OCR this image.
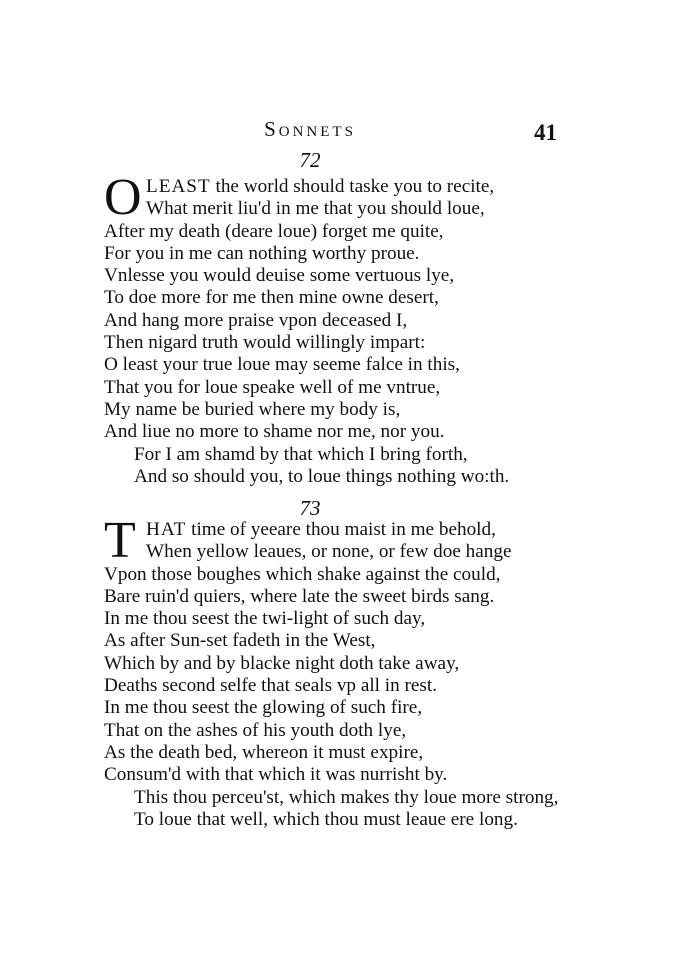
Sonnets	41
72
O LEAST the world should taske you to recite,
What merit liu'd in me that you should loue,
After my death (deare loue) forget me quite,
For you in me can nothing worthy proue.
Vnlesse you would deuise some vertuous lye,
To doe more for me then mine owne desert,
And hang more praise vpon deceased I,
Then nigard truth would willingly impart:
O least your true loue may seeme falce in this,
That you for loue speake well of me vntrue,
My name be buried where my body is,
And liue no more to shame nor me, nor you.
For I am shamd by that which I bring forth,
And so should you, to loue things nothing wo:th.
73
T HAT time of yeeare thou maist in me behold,
When yellow leaues, or none, or few doe hange
Vpon those boughes which shake against the could,
Bare ruin'd quiers, where late the sweet birds sang.
In me thou seest the twi-light of such day,
As after Sun-set fadeth in the West,
Which by and by blacke night doth take away,
Deaths second selfe that seals vp all in rest.
In me thou seest the glowing of such fire,
That on the ashes of his youth doth lye,
As the death bed, whereon it must expire,
Consum'd with that which it was nurrisht by.
This thou perceu'st, which makes thy loue more strong,
To loue that well, which thou must leaue ere long.
